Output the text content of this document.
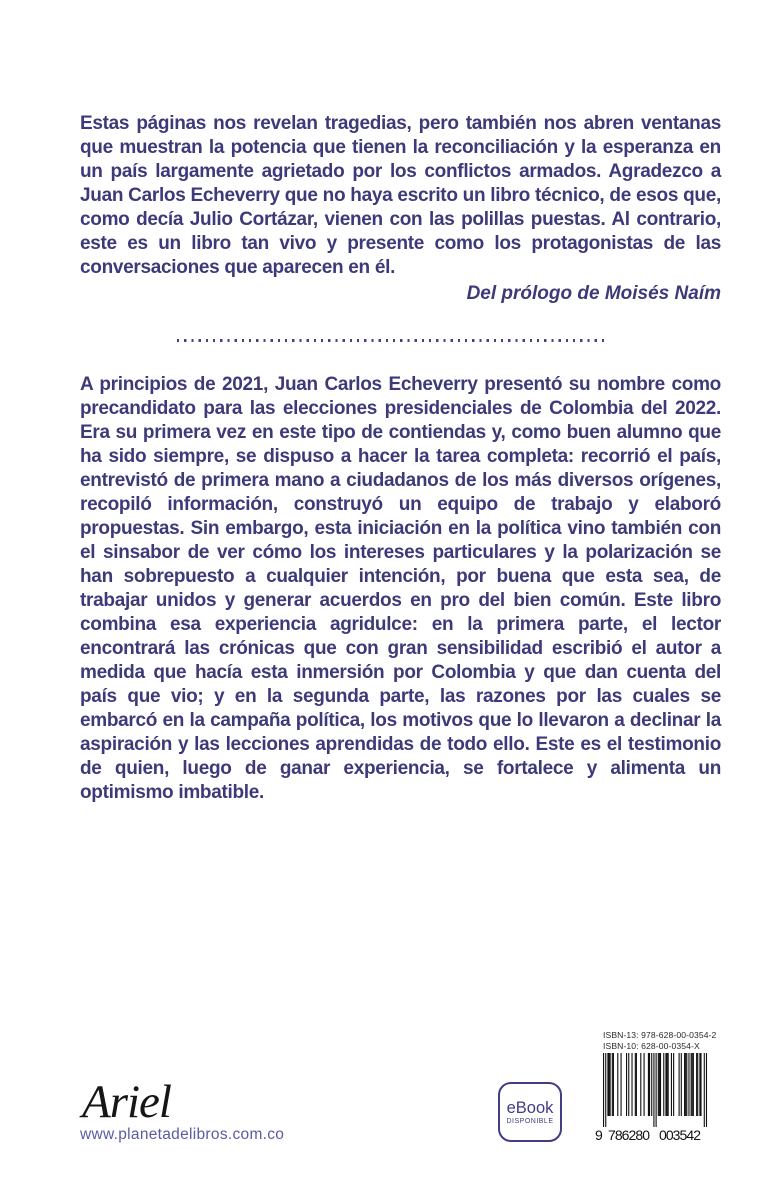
Estas páginas nos revelan tragedias, pero también nos abren ventanas que muestran la potencia que tienen la reconciliación y la esperanza en un país largamente agrietado por los conflictos armados. Agradezco a Juan Carlos Echeverry que no haya escrito un libro técnico, de esos que, como decía Julio Cortázar, vienen con las polillas puestas. Al contrario, este es un libro tan vivo y presente como los protagonistas de las conversaciones que aparecen en él.

Del prólogo de Moisés Naím

A principios de 2021, Juan Carlos Echeverry presentó su nombre como precandidato para las elecciones presidenciales de Colombia del 2022. Era su primera vez en este tipo de contiendas y, como buen alumno que ha sido siempre, se dispuso a hacer la tarea completa: recorrió el país, entrevistó de primera mano a ciudadanos de los más diversos orígenes, recopiló información, construyó un equipo de trabajo y elaboró propuestas. Sin embargo, esta iniciación en la política vino también con el sinsabor de ver cómo los intereses particulares y la polarización se han sobrepuesto a cualquier intención, por buena que esta sea, de trabajar unidos y generar acuerdos en pro del bien común. Este libro combina esa experiencia agridulce: en la primera parte, el lector encontrará las crónicas que con gran sensibilidad escribió el autor a medida que hacía esta inmersión por Colombia y que dan cuenta del país que vio; y en la segunda parte, las razones por las cuales se embarcó en la campaña política, los motivos que lo llevaron a declinar la aspiración y las lecciones aprendidas de todo ello. Este es el testimonio de quien, luego de ganar experiencia, se fortalece y alimenta un optimismo imbatible.

Ariel
www.planetadelibros.com.co
eBook
DISPONIBLE
ISBN-13: 978-628-00-0354-2
ISBN-10: 628-00-0354-X
9 786280 003542
